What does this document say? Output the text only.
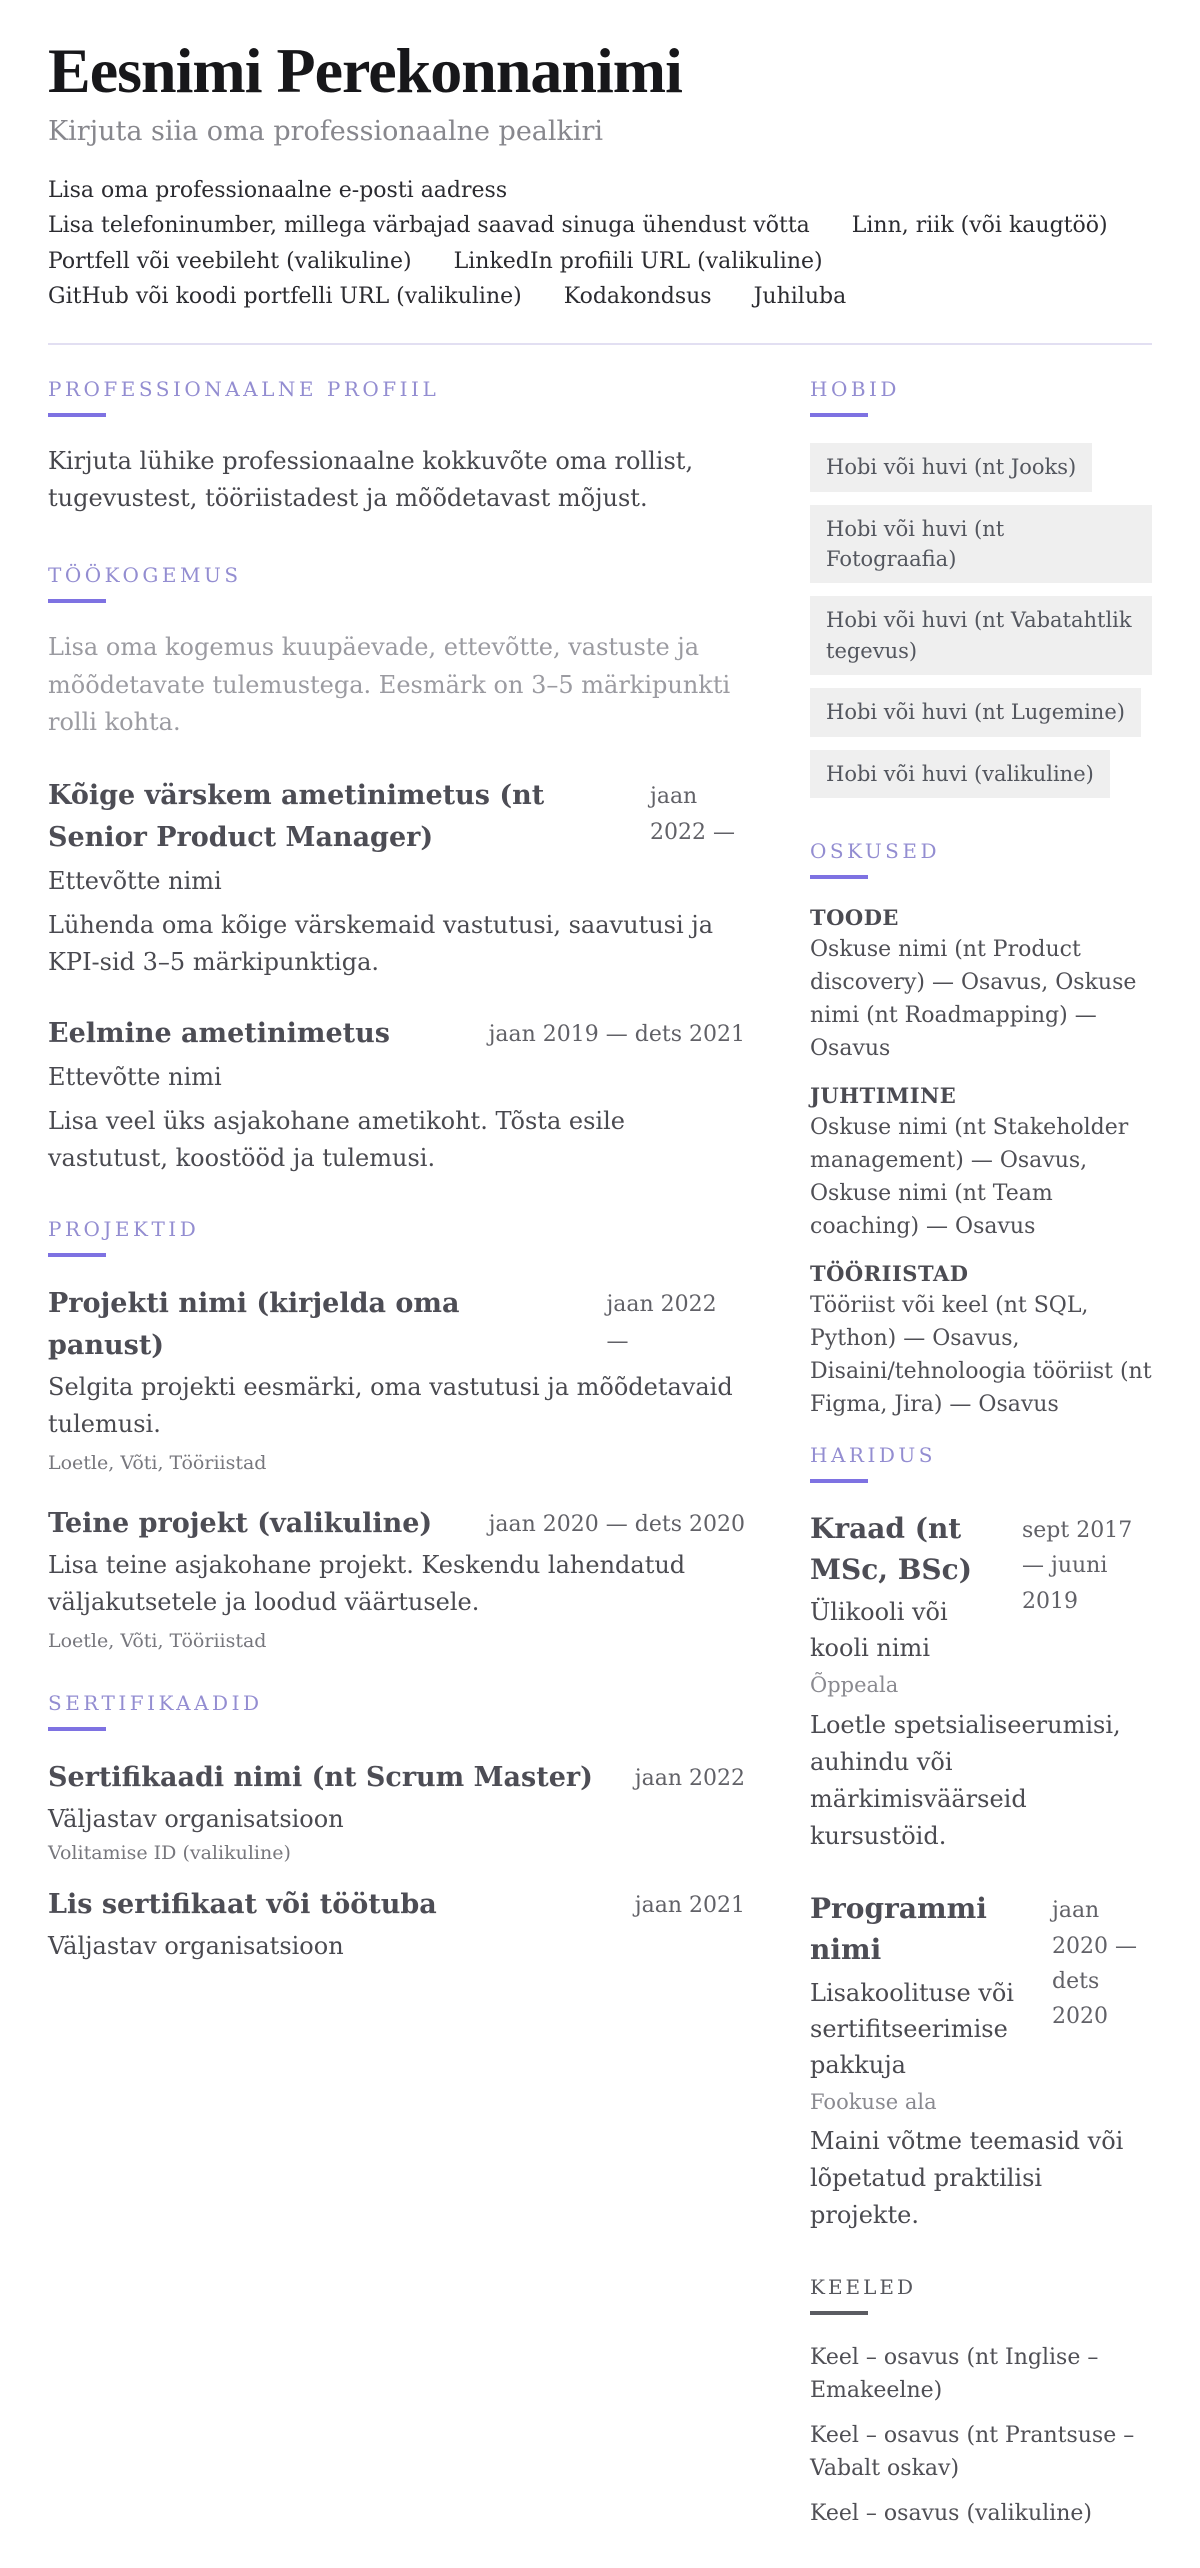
Eesnimi Perekonnanimi
Kirjuta siia oma professionaalne pealkiri
Lisa oma professionaalne e-posti aadress
Lisa telefoninumber, millega värbajad saavad sinuga ühendust võtta Linn, riik (või kaugtöö)
Portfell või veebileht (valikuline) LinkedIn profiili URL (valikuline)
GitHub või koodi portfelli URL (valikuline) Kodakondsus Juhiluba
PROFESSIONAALNE PROFIIL
Kirjuta lühike professionaalne kokkuvõte oma rollist, tugevustest, tööriistadest ja mõõdetavast mõjust.
TÖÖKOGEMUS
Lisa oma kogemus kuupäevade, ettevõtte, vastuste ja mõõdetavate tulemustega. Eesmärk on 3–5 märkipunkti rolli kohta.
Kõige värskem ametinimetus (nt Senior Product Manager)
jaan 2022 —
Ettevõtte nimi
Lühenda oma kõige värskemaid vastutusi, saavutusi ja KPI-sid 3–5 märkipunktiga.
Eelmine ametinimetus	jaan 2019 — dets 2021
Ettevõtte nimi
Lisa veel üks asjakohane ametikoht. Tõsta esile vastutust, koostööd ja tulemusi.
PROJEKTID
Projekti nimi (kirjelda oma panust)
jaan 2022 —
Selgita projekti eesmärki, oma vastutusi ja mõõdetavaid tulemusi.
Loetle, Võti, Tööriistad
Teine projekt (valikuline)	jaan 2020 — dets 2020
Lisa teine asjakohane projekt. Keskendu lahendatud väljakutsetele ja loodud väärtusele.
Loetle, Võti, Tööriistad
SERTIFIKAADID
Sertifikaadi nimi (nt Scrum Master) jaan 2022
Väljastav organisatsioon
Volitamise ID (valikuline)
Lis sertifikaat või töötuba	jaan 2021
Väljastav organisatsioon
HOBID
Hobi või huvi (nt Jooks)
Hobi või huvi (nt Fotograafia)
Hobi või huvi (nt Vabatahtlik tegevus)
Hobi või huvi (nt Lugemine)
Hobi või huvi (valikuline)
OSKUSED
TOODE
Oskuse nimi (nt Product discovery) — Osavus, Oskuse nimi (nt Roadmapping) — Osavus
JUHTIMINE
Oskuse nimi (nt Stakeholder management) — Osavus, Oskuse nimi (nt Team coaching) — Osavus
TÖÖRIISTAD
Tööriist või keel (nt SQL, Python) — Osavus, Disaini/tehnoloogia tööriist (nt Figma, Jira) — Osavus
HARIDUS
Kraad (nt MSc, BSc)
Ülikooli või kooli nimi
Õppeala
sept 2017 — juuni 2019
Loetle spetsialiseerumisi, auhindu või märkimisväärseid kursustöid.
Programmi nimi
Lisakoolituse või sertifitseerimise pakkuja
Fookuse ala
jaan 2020 — dets 2020
Maini võtme teemasid või lõpetatud praktilisi projekte.
KEELED
Keel – osavus (nt Inglise – Emakeelne)
Keel – osavus (nt Prantsuse – Vabalt oskav)
Keel – osavus (valikuline)
